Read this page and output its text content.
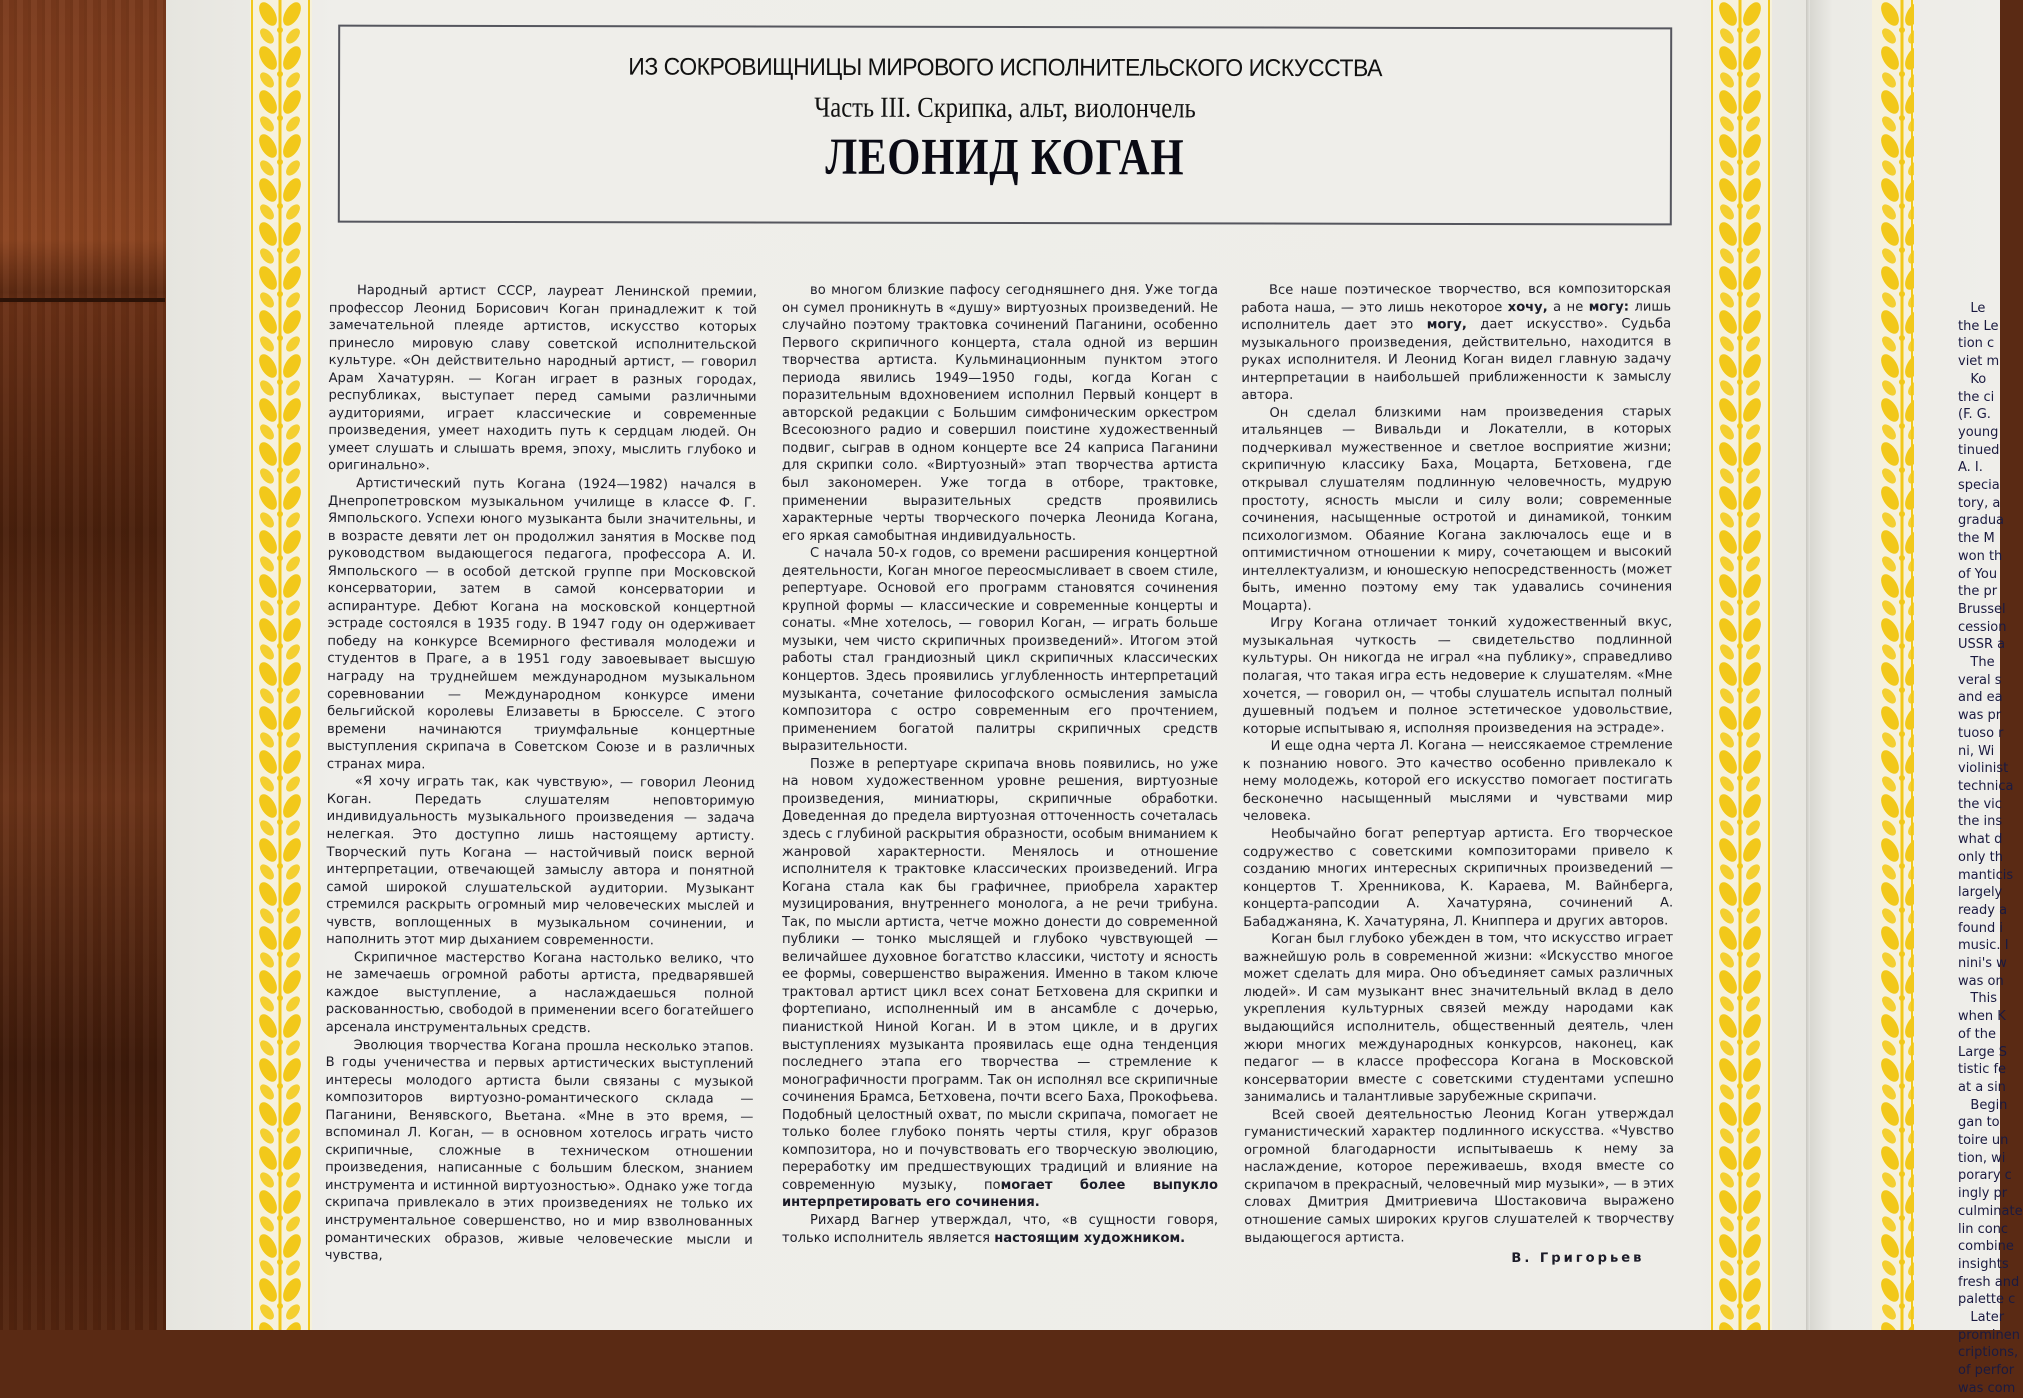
ИЗ СОКРОВИЩНИЦЫ МИРОВОГО ИСПОЛНИТЕЛЬСКОГО ИСКУССТВА
Часть III. Скрипка, альт, виолончель
ЛЕОНИД КОГАН

Народный артист СССР, лауреат Ленинской премии, профессор Леонид Борисович Коган принадлежит к той замечательной плеяде артистов, искусство которых принесло мировую славу советской исполнительской культуре. «Он действительно народный артист, — говорил Арам Хачатурян. — Коган играет в разных городах, республиках, выступает перед самыми различными аудиториями, играет классические и современные произведения, умеет находить путь к сердцам людей. Он умеет слушать и слышать время, эпоху, мыслить глубоко и оригинально».

Артистический путь Когана (1924—1982) начался в Днепропетровском музыкальном училище в классе Ф. Г. Ямпольского. Успехи юного музыканта были значительны, и в возрасте девяти лет он продолжил занятия в Москве под руководством выдающегося педагога, профессора А. И. Ямпольского — в особой детской группе при Московской консерватории, затем в самой консерватории и аспирантуре. Дебют Когана на московской концертной эстраде состоялся в 1935 году. В 1947 году он одерживает победу на конкурсе Всемирного фестиваля молодежи и студентов в Праге, а в 1951 году завоевывает высшую награду на труднейшем международном музыкальном соревновании — Международном конкурсе имени бельгийской королевы Елизаветы в Брюсселе. С этого времени начинаются триумфальные концертные выступления скрипача в Советском Союзе и в различных странах мира.

«Я хочу играть так, как чувствую», — говорил Леонид Коган. Передать слушателям неповторимую индивидуальность музыкального произведения — задача нелегкая. Это доступно лишь настоящему артисту. Творческий путь Когана — настойчивый поиск верной интерпретации, отвечающей замыслу автора и понятной самой широкой слушательской аудитории. Музыкант стремился раскрыть огромный мир человеческих мыслей и чувств, воплощенных в музыкальном сочинении, и наполнить этот мир дыханием современности.

Скрипичное мастерство Когана настолько велико, что не замечаешь огромной работы артиста, предварявшей каждое выступление, а наслаждаешься полной раскованностью, свободой в применении всего богатейшего арсенала инструментальных средств.

Эволюция творчества Когана прошла несколько этапов. В годы ученичества и первых артистических выступлений интересы молодого артиста были связаны с музыкой композиторов виртуозно-романтического склада — Паганини, Венявского, Вьетана. «Мне в это время, — вспоминал Л. Коган, — в основном хотелось играть чисто скрипичные, сложные в техническом отношении произведения, написанные с большим блеском, знанием инструмента и истинной виртуозностью». Однако уже тогда скрипача привлекало в этих произведениях не только их инструментальное совершенство, но и мир взволнованных романтических образов, живые человеческие мысли и чувства,

во многом близкие пафосу сегодняшнего дня. Уже тогда он сумел проникнуть в «душу» виртуозных произведений. Не случайно поэтому трактовка сочинений Паганини, особенно Первого скрипичного концерта, стала одной из вершин творчества артиста. Кульминационным пунктом этого периода явились 1949—1950 годы, когда Коган с поразительным вдохновением исполнил Первый концерт в авторской редакции с Большим симфоническим оркестром Всесоюзного радио и совершил поистине художественный подвиг, сыграв в одном концерте все 24 каприса Паганини для скрипки соло. «Виртуозный» этап творчества артиста был закономерен. Уже тогда в отборе, трактовке, применении выразительных средств проявились характерные черты творческого почерка Леонида Когана, его яркая самобытная индивидуальность.

С начала 50-х годов, со времени расширения концертной деятельности, Коган многое переосмысливает в своем стиле, репертуаре. Основой его программ становятся сочинения крупной формы — классические и современные концерты и сонаты. «Мне хотелось, — говорил Коган, — играть больше музыки, чем чисто скрипичных произведений». Итогом этой работы стал грандиозный цикл скрипичных классических концертов. Здесь проявились углубленность интерпретаций музыканта, сочетание философского осмысления замысла композитора с остро современным его прочтением, применением богатой палитры скрипичных средств выразительности.

Позже в репертуаре скрипача вновь появились, но уже на новом художественном уровне решения, виртуозные произведения, миниатюры, скрипичные обработки. Доведенная до предела виртуозная отточенность сочеталась здесь с глубиной раскрытия образности, особым вниманием к жанровой характерности. Менялось и отношение исполнителя к трактовке классических произведений. Игра Когана стала как бы графичнее, приобрела характер музицирования, внутреннего монолога, а не речи трибуна. Так, по мысли артиста, четче можно донести до современной публики — тонко мыслящей и глубоко чувствующей — величайшее духовное богатство классики, чистоту и ясность ее формы, совершенство выражения. Именно в таком ключе трактовал артист цикл всех сонат Бетховена для скрипки и фортепиано, исполненный им в ансамбле с дочерью, пианисткой Ниной Коган. И в этом цикле, и в других выступлениях музыканта проявилась еще одна тенденция последнего этапа его творчества — стремление к монографичности программ. Так он исполнял все скрипичные сочинения Брамса, Бетховена, почти всего Баха, Прокофьева. Подобный целостный охват, по мысли скрипача, помогает не только более глубоко понять черты стиля, круг образов композитора, но и почувствовать его творческую эволюцию, переработку им предшествующих традиций и влияние на современную музыку, помогает более выпукло интерпретировать его сочинения.

Рихард Вагнер утверждал, что, «в сущности говоря, только исполнитель является настоящим художником.

Все наше поэтическое творчество, вся композиторская работа наша, — это лишь некоторое хочу, а не могу: лишь исполнитель дает это могу, дает искусство». Судьба музыкального произведения, действительно, находится в руках исполнителя. И Леонид Коган видел главную задачу интерпретации в наибольшей приближенности к замыслу автора.

Он сделал близкими нам произведения старых итальянцев — Вивальди и Локателли, в которых подчеркивал мужественное и светлое восприятие жизни; скрипичную классику Баха, Моцарта, Бетховена, где открывал слушателям подлинную человечность, мудрую простоту, ясность мысли и силу воли; современные сочинения, насыщенные остротой и динамикой, тонким психологизмом. Обаяние Когана заключалось еще и в оптимистичном отношении к миру, сочетающем и высокий интеллектуализм, и юношескую непосредственность (может быть, именно поэтому ему так удавались сочинения Моцарта).

Игру Когана отличает тонкий художественный вкус, музыкальная чуткость — свидетельство подлинной культуры. Он никогда не играл «на публику», справедливо полагая, что такая игра есть недоверие к слушателям. «Мне хочется, — говорил он, — чтобы слушатель испытал полный душевный подъем и полное эстетическое удовольствие, которые испытываю я, исполняя произведения на эстраде».

И еще одна черта Л. Когана — неиссякаемое стремление к познанию нового. Это качество особенно привлекало к нему молодежь, которой его искусство помогает постигать бесконечно насыщенный мыслями и чувствами мир человека.

Необычайно богат репертуар артиста. Его творческое содружество с советскими композиторами привело к созданию многих интересных скрипичных произведений — концертов Т. Хренникова, К. Караева, М. Вайнберга, концерта-рапсодии А. Хачатуряна, сочинений А. Бабаджаняна, К. Хачатуряна, Л. Книппера и других авторов.

Коган был глубоко убежден в том, что искусство играет важнейшую роль в современной жизни: «Искусство многое может сделать для мира. Оно объединяет самых различных людей». И сам музыкант внес значительный вклад в дело укрепления культурных связей между народами как выдающийся исполнитель, общественный деятель, член жюри многих международных конкурсов, наконец, как педагог — в классе профессора Когана в Московской консерватории вместе с советскими студентами успешно занимались и талантливые зарубежные скрипачи.

Всей своей деятельностью Леонид Коган утверждал гуманистический характер подлинного искусства. «Чувство огромной благодарности испытываешь к нему за наслаждение, которое переживаешь, входя вместе со скрипачом в прекрасный, человечный мир музыки», — в этих словах Дмитрия Дмитриевича Шостаковича выражено отношение самых широких кругов слушателей к творчеству выдающегося артиста.

В. Григорьев
Le
the Le
tion c
viet m
Ko
the ci
(F. G.
young
tinued
A. I.
specia
tory, a
gradua
the M
won th
of You
the pr
Brussel
cession
USSR a
The
veral s
and ea
was pr
tuoso r
ni, Wi
violinist
technica
the vic
the ins
what d
only th
manticis
largely
ready a
found i
music. I
nini's w
was on
This
when K
of the
Large S
tistic fe
at a sin
Begin
gan to
toire un
tion, wi
porary c
ingly pr
culminate
lin conc
combine
insights
fresh and
palette c
Later
prominen
criptions,
of perfor
was com
